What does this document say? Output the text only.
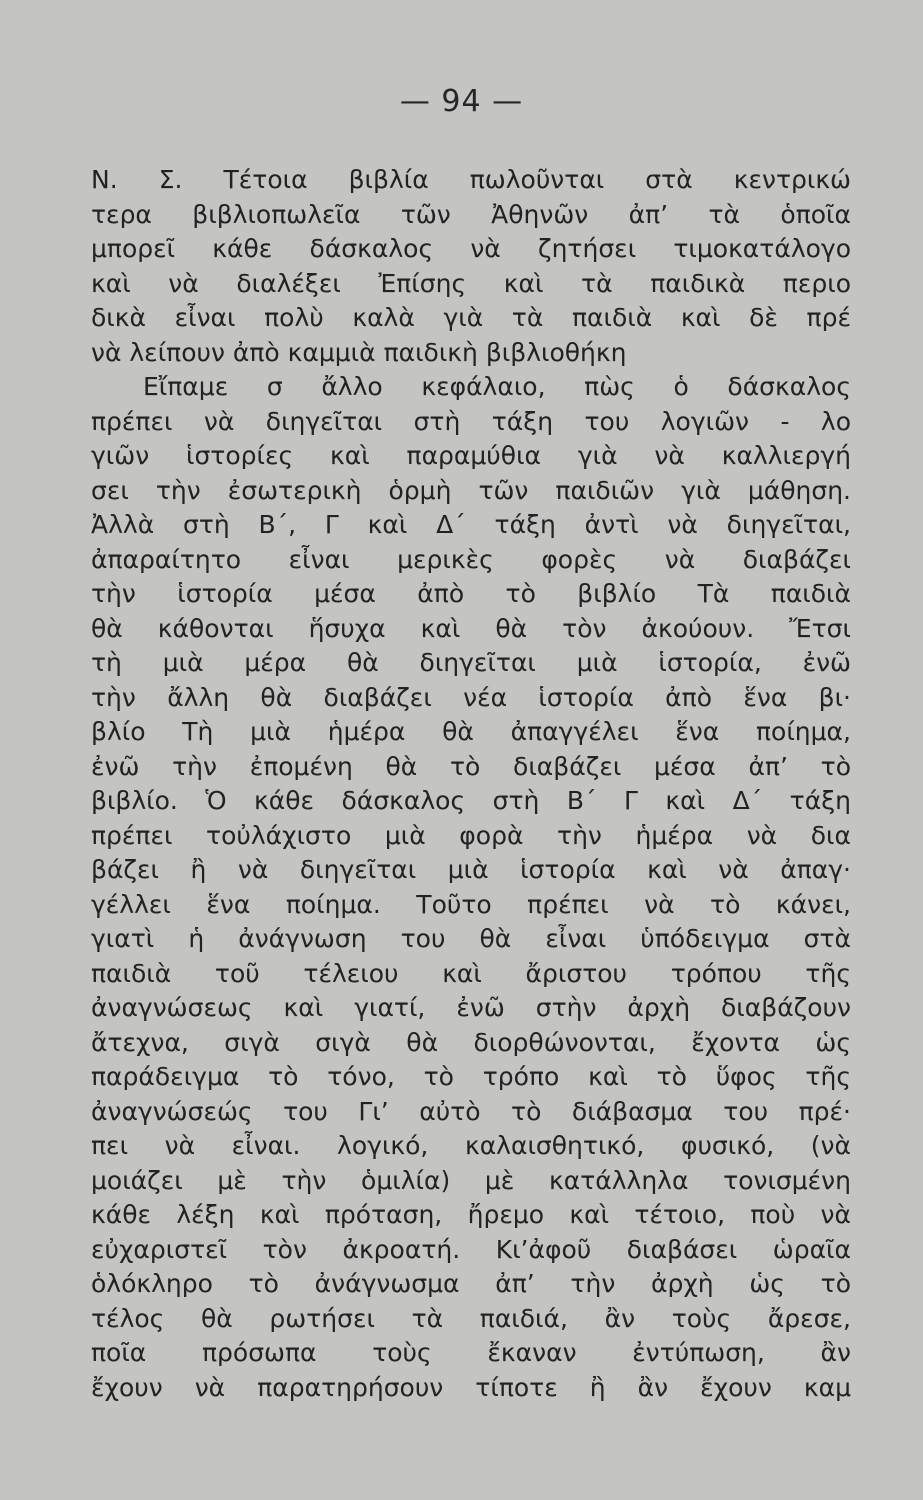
— 94 —
Ν. Σ. Τέτοια βιβλία πωλοῦνται στὰ κεντρικώ
τερα βιβλιοπωλεῖα τῶν Ἀθηνῶν ἀπ’ τὰ ὁποῖα
μπορεῖ κάθε δάσκαλος νὰ ζητήσει τιμοκατάλογο
καὶ νὰ διαλέξει Ἐπίσης καὶ τὰ παιδικὰ περιο
δικὰ εἶναι πολὺ καλὰ γιὰ τὰ παιδιὰ καὶ δὲ πρέ
νὰ λείπουν ἀπὸ καμμιὰ παιδικὴ βιβλιοθήκη
Εἴπαμε σ ἄλλο κεφάλαιο, πὼς ὁ δάσκαλος
πρέπει νὰ διηγεῖται στὴ τάξη του λογιῶν - λο
γιῶν ἱστορίες καὶ παραμύθια γιὰ νὰ καλλιεργή
σει τὴν ἐσωτερικὴ ὁρμὴ τῶν παιδιῶν γιὰ μάθηση.
Ἀλλὰ στὴ Β΄, Γ καὶ Δ΄ τάξη ἀντὶ νὰ διηγεῖται,
ἀπαραίτητο εἶναι μερικὲς φορὲς νὰ διαβάζει
τὴν ἱστορία μέσα ἀπὸ τὸ βιβλίο Τὰ παιδιὰ
θὰ κάθονται ἥσυχα καὶ θὰ τὸν ἀκούουν. Ἔτσι
τὴ μιὰ μέρα θὰ διηγεῖται μιὰ ἱστορία, ἐνῶ
τὴν ἄλλη θὰ διαβάζει νέα ἱστορία ἀπὸ ἕνα βι·
βλίο Τὴ μιὰ ἡμέρα θὰ ἀπαγγέλει ἕνα ποίημα,
ἐνῶ τὴν ἐπομένη θὰ τὸ διαβάζει μέσα ἀπ’ τὸ
βιβλίο. Ὁ κάθε δάσκαλος στὴ Β΄ Γ καὶ Δ΄ τάξη
πρέπει τοὐλάχιστο μιὰ φορὰ τὴν ἡμέρα νὰ δια
βάζει ἢ νὰ διηγεῖται μιὰ ἱστορία καὶ νὰ ἀπαγ·
γέλλει ἕνα ποίημα. Τοῦτο πρέπει νὰ τὸ κάνει,
γιατὶ ἡ ἀνάγνωση του θὰ εἶναι ὑπόδειγμα στὰ
παιδιὰ τοῦ τέλειου καὶ ἄριστου τρόπου τῆς
ἀναγνώσεως καὶ γιατί, ἐνῶ στὴν ἀρχὴ διαβάζουν
ἄτεχνα, σιγὰ σιγὰ θὰ διορθώνονται, ἔχοντα ὡς
παράδειγμα τὸ τόνο, τὸ τρόπο καὶ τὸ ὕφος τῆς
ἀναγνώσεώς του Γι’ αὐτὸ τὸ διάβασμα του πρέ·
πει νὰ εἶναι. λογικό, καλαισθητικό, φυσικό, (νὰ
μοιάζει μὲ τὴν ὁμιλία) μὲ κατάλληλα τονισμένη
κάθε λέξη καὶ πρόταση, ἤρεμο καὶ τέτοιο, ποὺ νὰ
εὐχαριστεῖ τὸν ἀκροατή. Κι’ἀφοῦ διαβάσει ὡραῖα
ὁλόκληρο τὸ ἀνάγνωσμα ἀπ’ τὴν ἀρχὴ ὡς τὸ
τέλος θὰ ρωτήσει τὰ παιδιά, ἂν τοὺς ἄρεσε,
ποῖα πρόσωπα τοὺς ἔκαναν ἐντύπωση, ἂν
ἔχουν νὰ παρατηρήσουν τίποτε ἢ ἂν ἔχουν καμ
